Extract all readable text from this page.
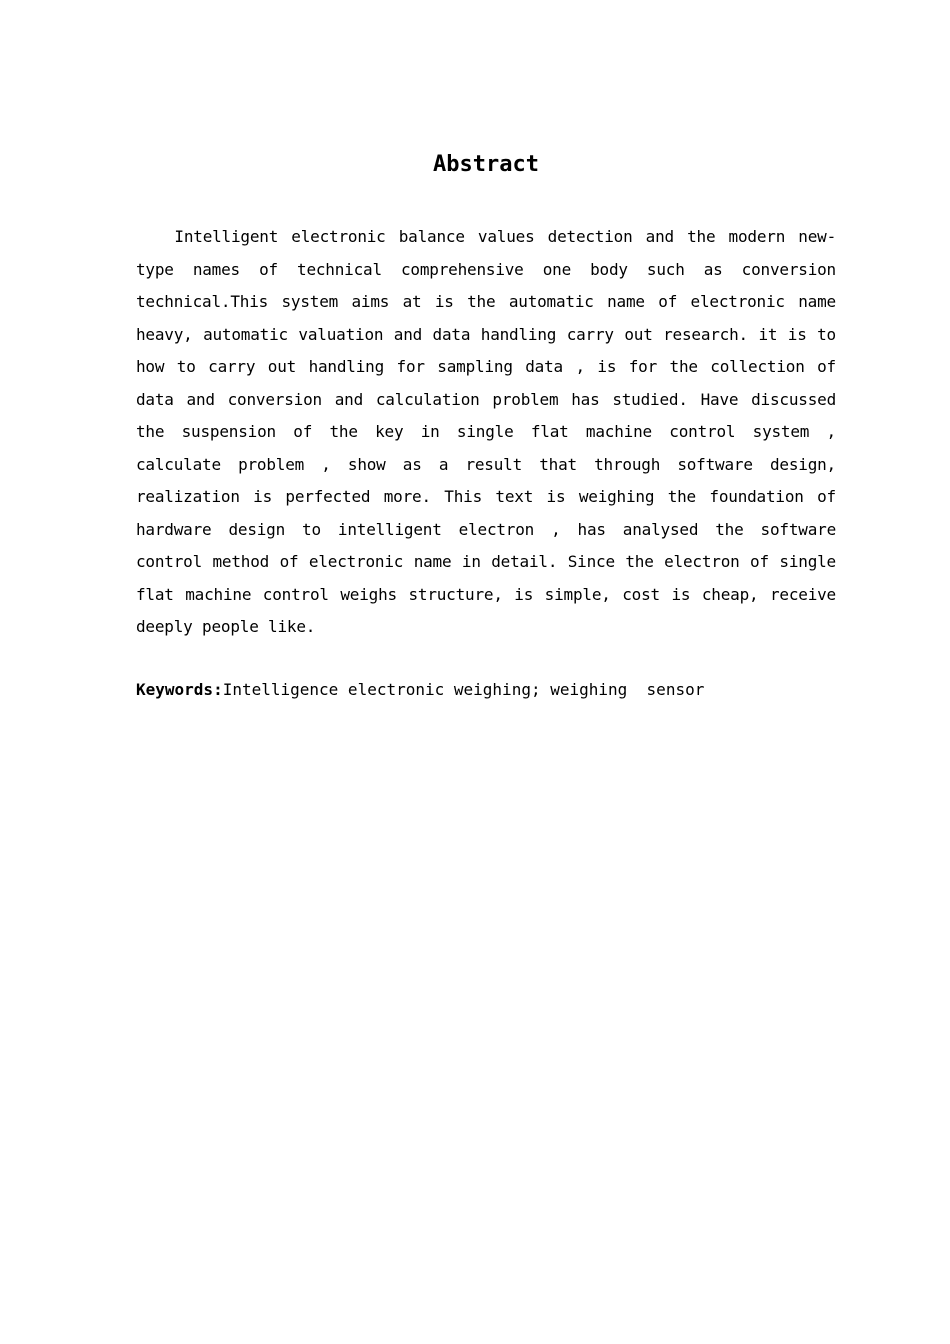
Abstract

Intelligent electronic balance values detection and the modern new-type names of technical comprehensive one body such as conversion technical.This system aims at is the automatic name of electronic name heavy, automatic valuation and data handling carry out research. it is to how to carry out handling for sampling data , is for the collection of data and conversion and calculation problem has studied. Have discussed the suspension of the key in single flat machine control system , calculate problem , show as a result that through software design, realization is perfected more. This text is weighing the foundation of hardware design to intelligent electron , has analysed the software control method of electronic name in detail. Since the electron of single flat machine control weighs structure, is simple, cost is cheap, receive deeply people like.

Keywords:Intelligence electronic weighing; weighing  sensor
